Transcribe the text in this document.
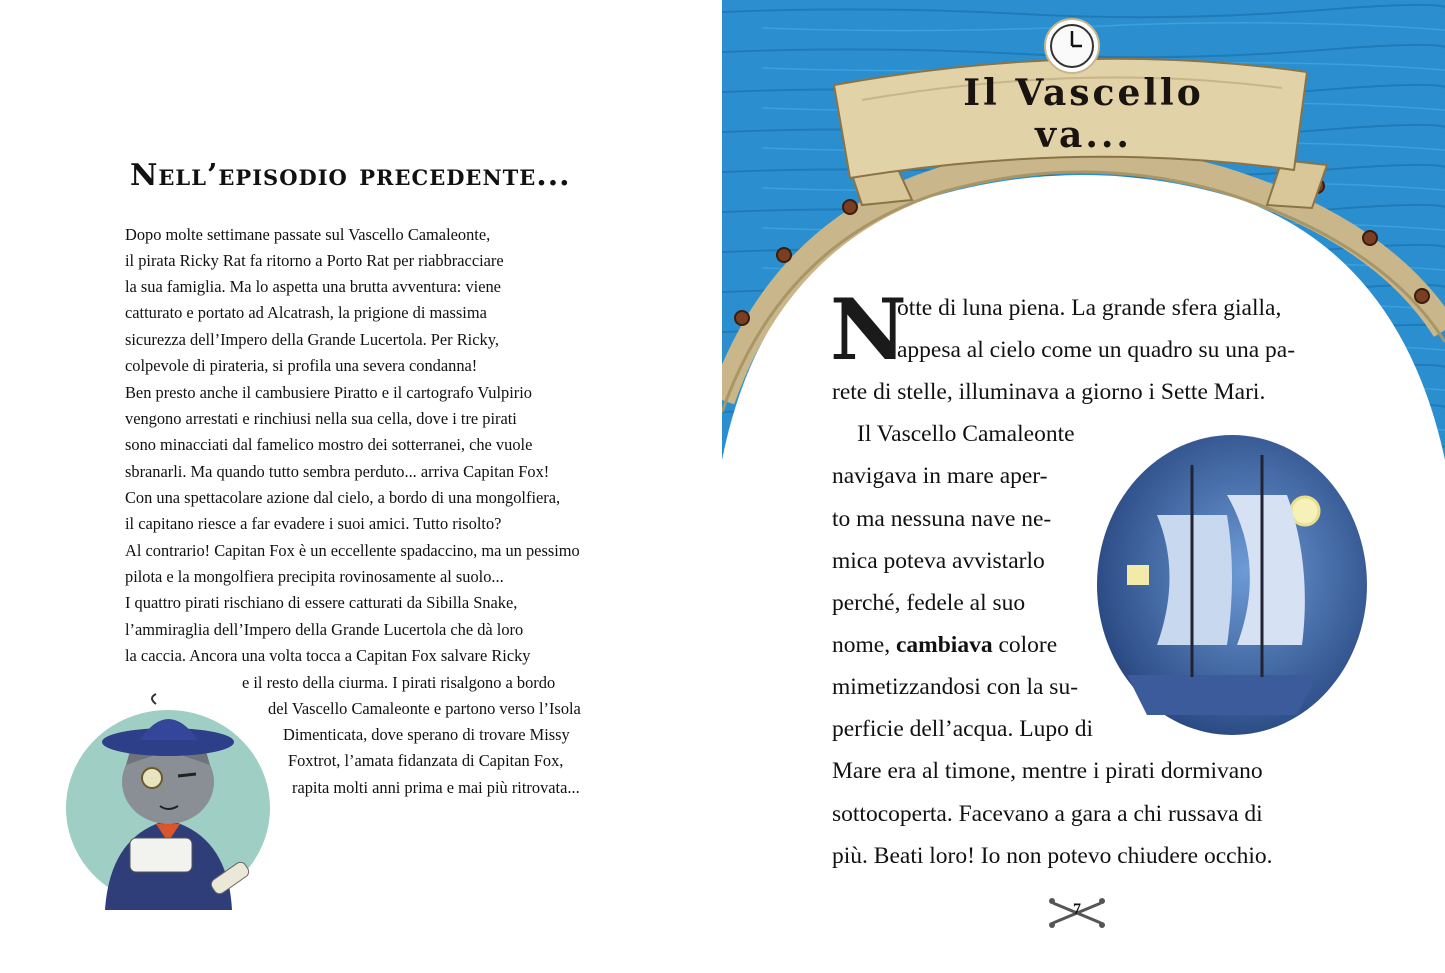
Nell’episodio precedente...
Dopo molte settimane passate sul Vascello Camaleonte,
il pirata Ricky Rat fa ritorno a Porto Rat per riabbracciare
la sua famiglia. Ma lo aspetta una brutta avventura: viene
catturato e portato ad Alcatrash, la prigione di massima
sicurezza dell’Impero della Grande Lucertola. Per Ricky,
colpevole di pirateria, si profila una severa condanna!
Ben presto anche il cambusiere Piratto e il cartografo Vulpirio
vengono arrestati e rinchiusi nella sua cella, dove i tre pirati
sono minacciati dal famelico mostro dei sotterranei, che vuole
sbranarli. Ma quando tutto sembra perduto... arriva Capitan Fox!
Con una spettacolare azione dal cielo, a bordo di una mongolfiera,
il capitano riesce a far evadere i suoi amici. Tutto risolto?
Al contrario! Capitan Fox è un eccellente spadaccino, ma un pessimo
pilota e la mongolfiera precipita rovinosamente al suolo...
I quattro pirati rischiano di essere catturati da Sibilla Snake,
l’ammiraglia dell’Impero della Grande Lucertola che dà loro
la caccia. Ancora una volta tocca a Capitan Fox salvare Ricky
e il resto della ciurma. I pirati risalgono a bordo
del Vascello Camaleonte e partono verso l’Isola
Dimenticata, dove sperano di trovare Missy
Foxtrot, l’amata fidanzata di Capitan Fox,
rapita molti anni prima e mai più ritrovata...
Il Vascello
va...
N
otte di luna piena. La grande sfera gialla,
appesa al cielo come un quadro su una pa-
rete di stelle, illuminava a giorno i Sette Mari.
Il Vascello Camaleonte
navigava in mare aper-
to ma nessuna nave ne-
mica poteva avvistarlo
perché, fedele al suo
nome, cambiava colore
mimetizzandosi con la su-
perficie dell’acqua. Lupo di
Mare era al timone, mentre i pirati dormivano
sottocoperta. Facevano a gara a chi russava di
più. Beati loro! Io non potevo chiudere occhio.
7
